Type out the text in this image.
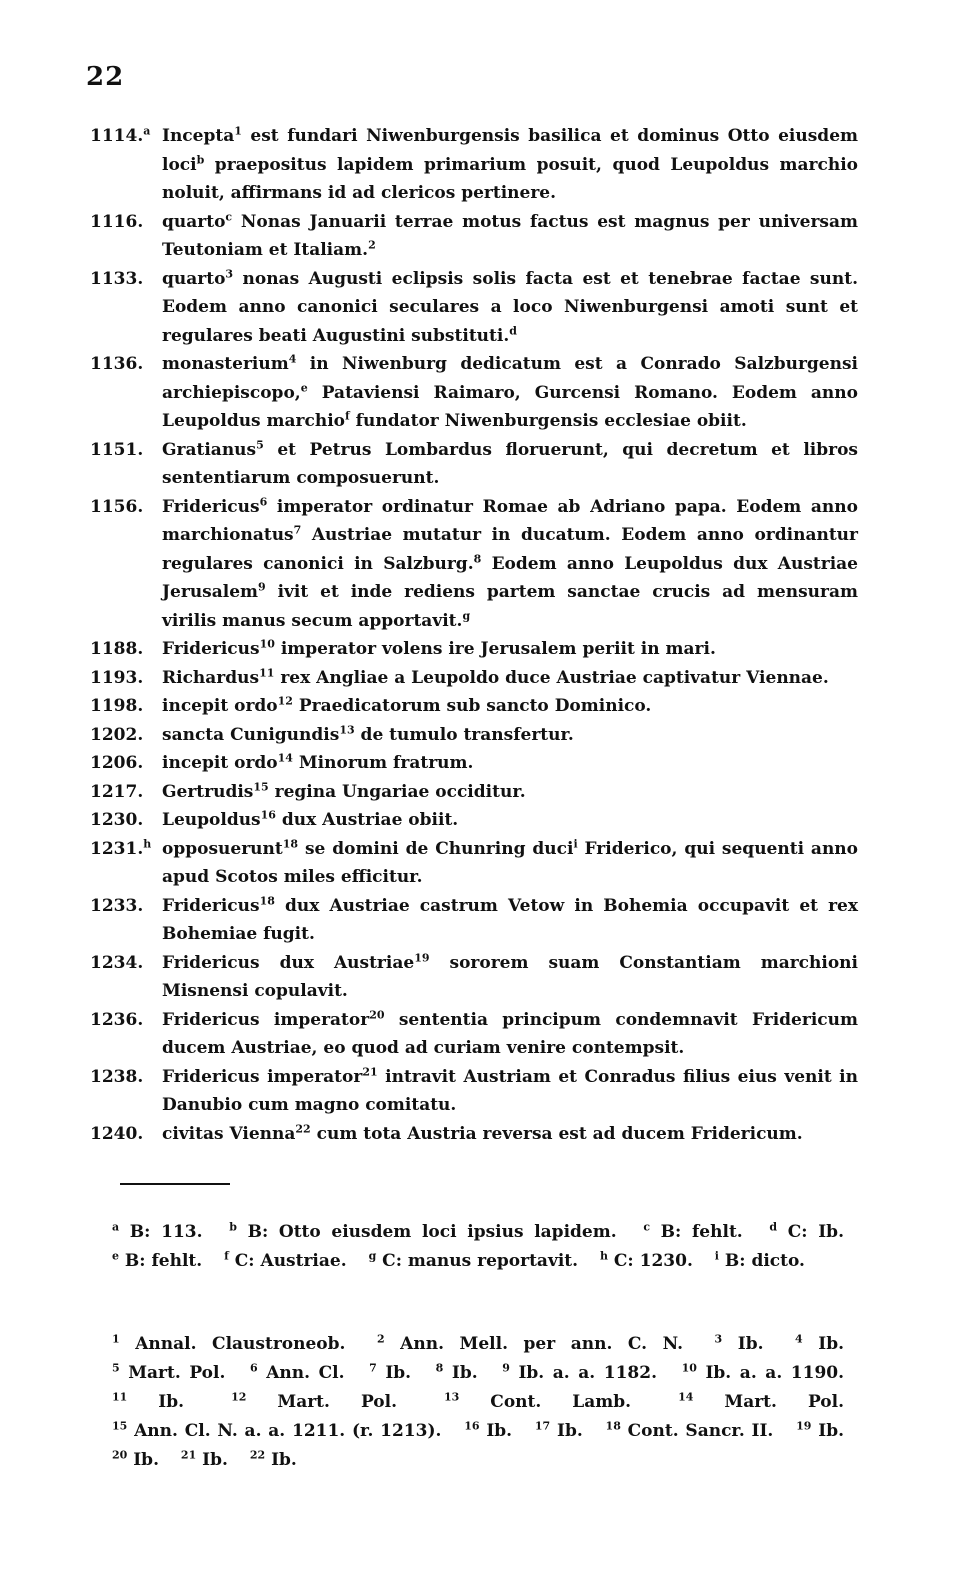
22
1114.$^a$ Incepta$^1$ est fundari Niwenburgensis basilica et dominus Otto eiusdem loci$^b$ praepositus lapidem primarium posuit, quod Leupoldus marchio noluit, affirmans id ad clericos pertinere.
1116.	quarto$^c$ Nonas Januarii terrae motus factus est magnus per universam Teutoniam et Italiam.$^2$
1133.	quarto$^3$ nonas Augusti eclipsis solis facta est et tenebrae factae sunt. Eodem anno canonici seculares a loco Niwenburgensi amoti sunt et regulares beati Augustini substituti.$^d$
1136.	monasterium$^4$ in Niwenburg dedicatum est a Conrado Salzburgensi archiepiscopo,$^e$ Pataviensi Raimaro, Gurcensi Romano. Eodem anno Leupoldus marchio$^f$ fundator Niwenburgensis ecclesiae obiit.
1151.	Gratianus$^5$ et Petrus Lombardus floruerunt, qui decretum et libros sententiarum composuerunt.
1156.	Fridericus$^6$ imperator ordinatur Romae ab Adriano papa. Eodem anno marchionatus$^7$ Austriae mutatur in ducatum. Eodem anno ordinantur regulares canonici in Salzburg.$^8$ Eodem anno Leupoldus dux Austriae Jerusalem$^9$ ivit et inde rediens partem sanctae crucis ad mensuram virilis manus secum apportavit.$^g$
1188.	Fridericus$^{10}$ imperator volens ire Jerusalem periit in mari.
1193.	Richardus$^{11}$ rex Angliae a Leupoldo duce Austriae captivatur Viennae.
1198.	incepit ordo$^{12}$ Praedicatorum sub sancto Dominico.
1202.	sancta Cunigundis$^{13}$ de tumulo transfertur.
1206.	incepit ordo$^{14}$ Minorum fratrum.
1217.	Gertrudis$^{15}$ regina Ungariae occiditur.
1230.	Leupoldus$^{16}$ dux Austriae obiit.
1231.$^h$ opposuerunt$^{18}$ se domini de Chunring duci$^i$ Friderico, qui sequenti anno apud Scotos miles efficitur.
1233.	Fridericus$^{18}$ dux Austriae castrum Vetow in Bohemia occupavit et rex Bohemiae fugit.
1234.	Fridericus dux Austriae$^{19}$ sororem suam Constantiam marchioni Misnensi copulavit.
1236.	Fridericus imperator$^{20}$ sententia principum condemnavit Fridericum ducem Austriae, eo quod ad curiam venire contempsit.
1238.	Fridericus imperator$^{21}$ intravit Austriam et Conradus filius eius venit in Danubio cum magno comitatu.
1240.	civitas Vienna$^{22}$ cum tota Austria reversa est ad ducem Fridericum.
$^a$ B: 113. $^b$ B: Otto eiusdem loci ipsius lapidem. $^c$ B: fehlt. $^d$ C: Ib. $^e$ B: fehlt. $^f$ C: Austriae. $^g$ C: manus reportavit. $^h$ C: 1230. $^i$ B: dicto.
$^1$ Annal. Claustroneob.	$^2$ Ann. Mell. per ann. C. N.	$^3$ Ib.	$^4$ Ib. $^5$ Mart. Pol. $^6$ Ann. Cl. $^7$ Ib. $^8$ Ib. $^9$ Ib. a. a. 1182. $^{10}$ Ib. a. a. 1190. $^{11}$ Ib.	$^{12}$ Mart. Pol.	$^{13}$ Cont. Lamb.	$^{14}$ Mart. Pol. $^{15}$ Ann. Cl. N. a. a. 1211. (r. 1213). $^{16}$ Ib. $^{17}$ Ib. $^{18}$ Cont. Sancr. II. $^{19}$ Ib. $^{20}$ Ib. $^{21}$ Ib. $^{22}$ Ib.
